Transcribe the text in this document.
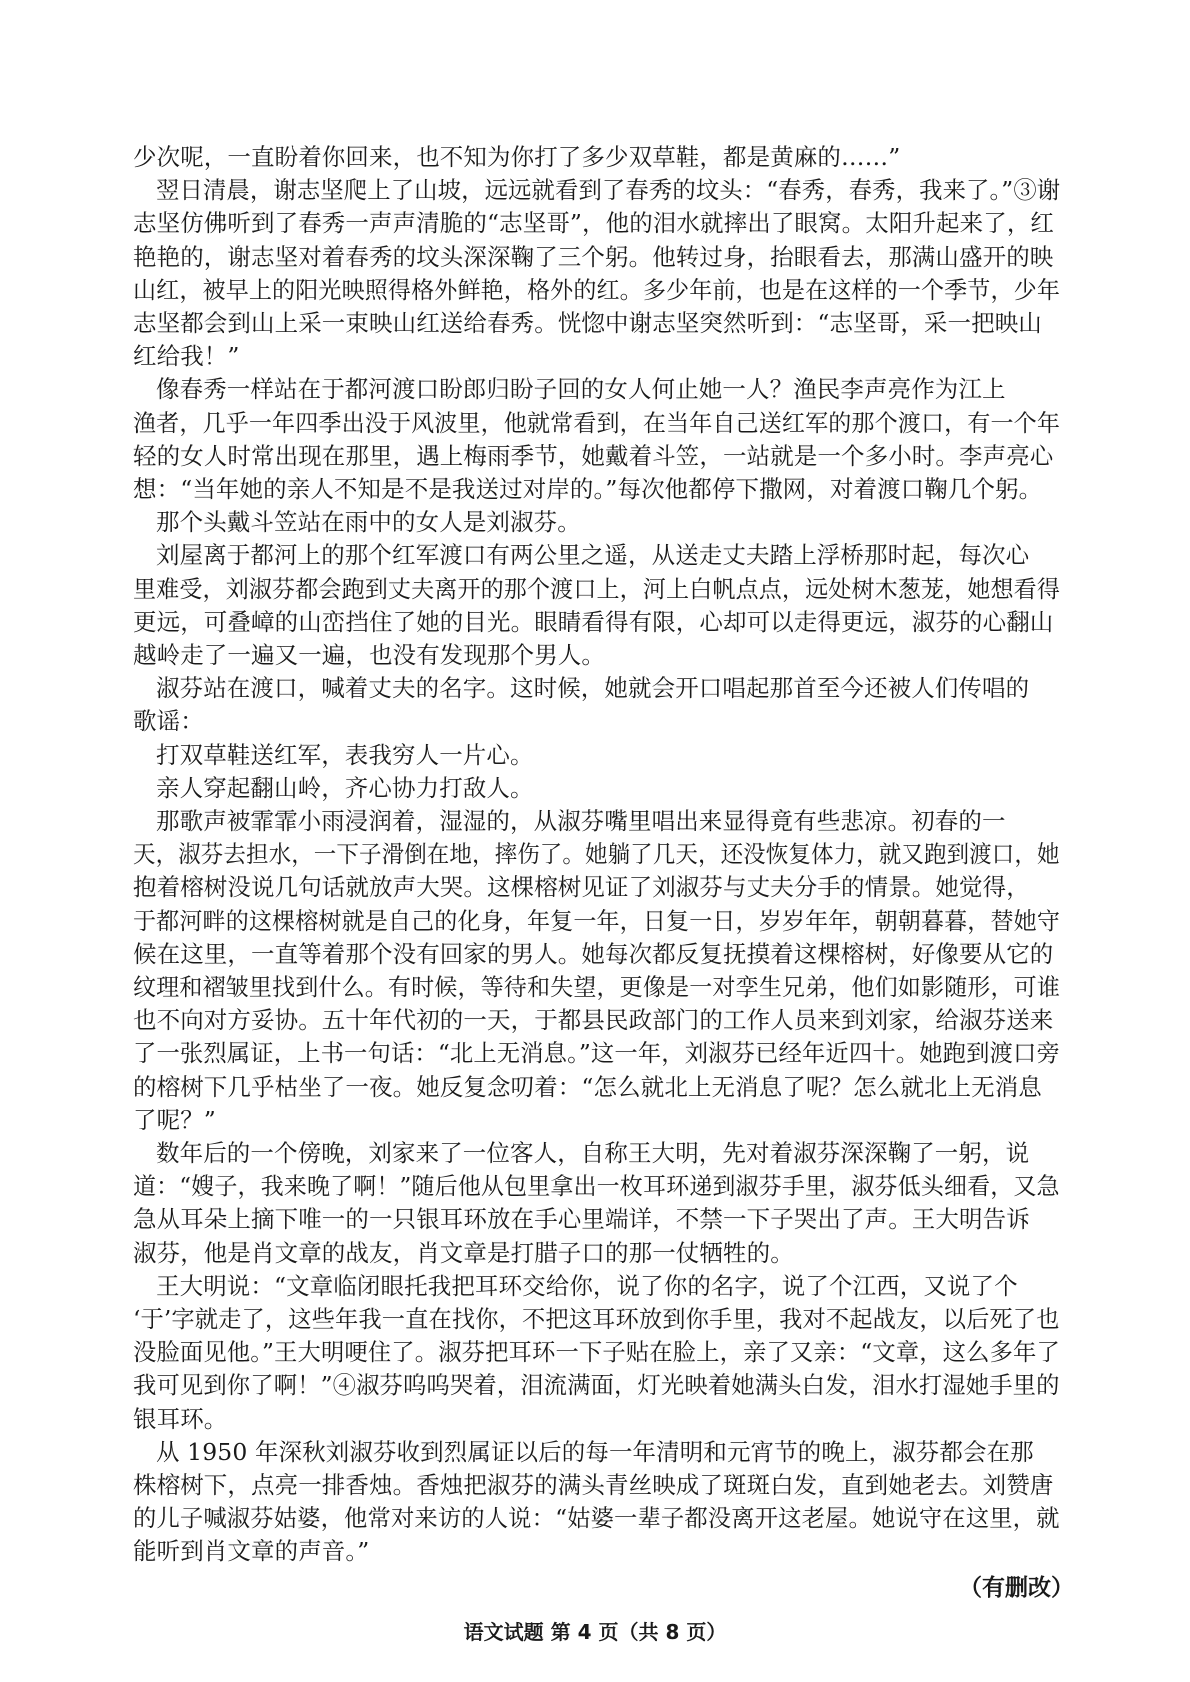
少次呢，一直盼着你回来，也不知为你打了多少双草鞋，都是黄麻的……”
翌日清晨，谢志坚爬上了山坡，远远就看到了春秀的坟头：“春秀，春秀，我来了。”③谢
志坚仿佛听到了春秀一声声清脆的“志坚哥”，他的泪水就摔出了眼窝。太阳升起来了，红
艳艳的，谢志坚对着春秀的坟头深深鞠了三个躬。他转过身，抬眼看去，那满山盛开的映
山红，被早上的阳光映照得格外鲜艳，格外的红。多少年前，也是在这样的一个季节，少年
志坚都会到山上采一束映山红送给春秀。恍惚中谢志坚突然听到：“志坚哥，采一把映山
红给我！”
像春秀一样站在于都河渡口盼郎归盼子回的女人何止她一人？渔民李声亮作为江上
渔者，几乎一年四季出没于风波里，他就常看到，在当年自己送红军的那个渡口，有一个年
轻的女人时常出现在那里，遇上梅雨季节，她戴着斗笠，一站就是一个多小时。李声亮心
想：“当年她的亲人不知是不是我送过对岸的。”每次他都停下撒网，对着渡口鞠几个躬。
那个头戴斗笠站在雨中的女人是刘淑芬。
刘屋离于都河上的那个红军渡口有两公里之遥，从送走丈夫踏上浮桥那时起，每次心
里难受，刘淑芬都会跑到丈夫离开的那个渡口上，河上白帆点点，远处树木葱茏，她想看得
更远，可叠嶂的山峦挡住了她的目光。眼睛看得有限，心却可以走得更远，淑芬的心翻山
越岭走了一遍又一遍，也没有发现那个男人。
淑芬站在渡口，喊着丈夫的名字。这时候，她就会开口唱起那首至今还被人们传唱的
歌谣：
打双草鞋送红军，表我穷人一片心。
亲人穿起翻山岭，齐心协力打敌人。
那歌声被霏霏小雨浸润着，湿湿的，从淑芬嘴里唱出来显得竟有些悲凉。初春的一
天，淑芬去担水，一下子滑倒在地，摔伤了。她躺了几天，还没恢复体力，就又跑到渡口，她
抱着榕树没说几句话就放声大哭。这棵榕树见证了刘淑芬与丈夫分手的情景。她觉得，
于都河畔的这棵榕树就是自己的化身，年复一年，日复一日，岁岁年年，朝朝暮暮，替她守
候在这里，一直等着那个没有回家的男人。她每次都反复抚摸着这棵榕树，好像要从它的
纹理和褶皱里找到什么。有时候，等待和失望，更像是一对孪生兄弟，他们如影随形，可谁
也不向对方妥协。五十年代初的一天，于都县民政部门的工作人员来到刘家，给淑芬送来
了一张烈属证，上书一句话：“北上无消息。”这一年，刘淑芬已经年近四十。她跑到渡口旁
的榕树下几乎枯坐了一夜。她反复念叨着：“怎么就北上无消息了呢？怎么就北上无消息
了呢？”
数年后的一个傍晚，刘家来了一位客人，自称王大明，先对着淑芬深深鞠了一躬，说
道：“嫂子，我来晚了啊！”随后他从包里拿出一枚耳环递到淑芬手里，淑芬低头细看，又急
急从耳朵上摘下唯一的一只银耳环放在手心里端详，不禁一下子哭出了声。王大明告诉
淑芬，他是肖文章的战友，肖文章是打腊子口的那一仗牺牲的。
王大明说：“文章临闭眼托我把耳环交给你，说了你的名字，说了个江西，又说了个
‘于’字就走了，这些年我一直在找你，不把这耳环放到你手里，我对不起战友，以后死了也
没脸面见他。”王大明哽住了。淑芬把耳环一下子贴在脸上，亲了又亲：“文章，这么多年了
我可见到你了啊！”④淑芬呜呜哭着，泪流满面，灯光映着她满头白发，泪水打湿她手里的
银耳环。
从 1950 年深秋刘淑芬收到烈属证以后的每一年清明和元宵节的晚上，淑芬都会在那
株榕树下，点亮一排香烛。香烛把淑芬的满头青丝映成了斑斑白发，直到她老去。刘赞唐
的儿子喊淑芬姑婆，他常对来访的人说：“姑婆一辈子都没离开这老屋。她说守在这里，就
能听到肖文章的声音。”
（有删改）
语文试题 第 4 页（共 8 页）
